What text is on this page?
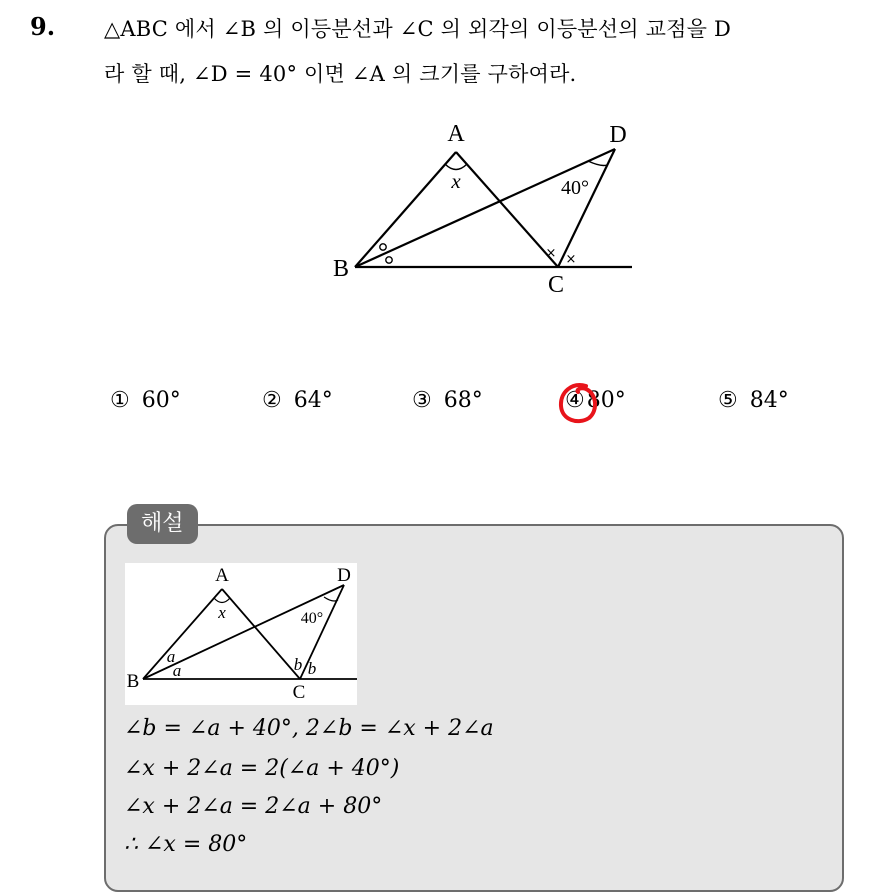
9. △ABC 에서 ∠B 의 이등분선과 ∠C 의 외각의 이등분선의 교점을 D
라 할 때, ∠D = 40° 이면 ∠A 의 크기를 구하여라.
× ×
A
B
C
D
x	40°
① 60°	② 64°	③ 68°	④80°	⑤ 84°
해설
A
B
C
D
x
a
a	b b
40°
∠b = ∠a + 40°, 2∠b = ∠x + 2∠a
∠x + 2∠a = 2(∠a + 40°)
∠x + 2∠a = 2∠a + 80°
∴ ∠x = 80°
